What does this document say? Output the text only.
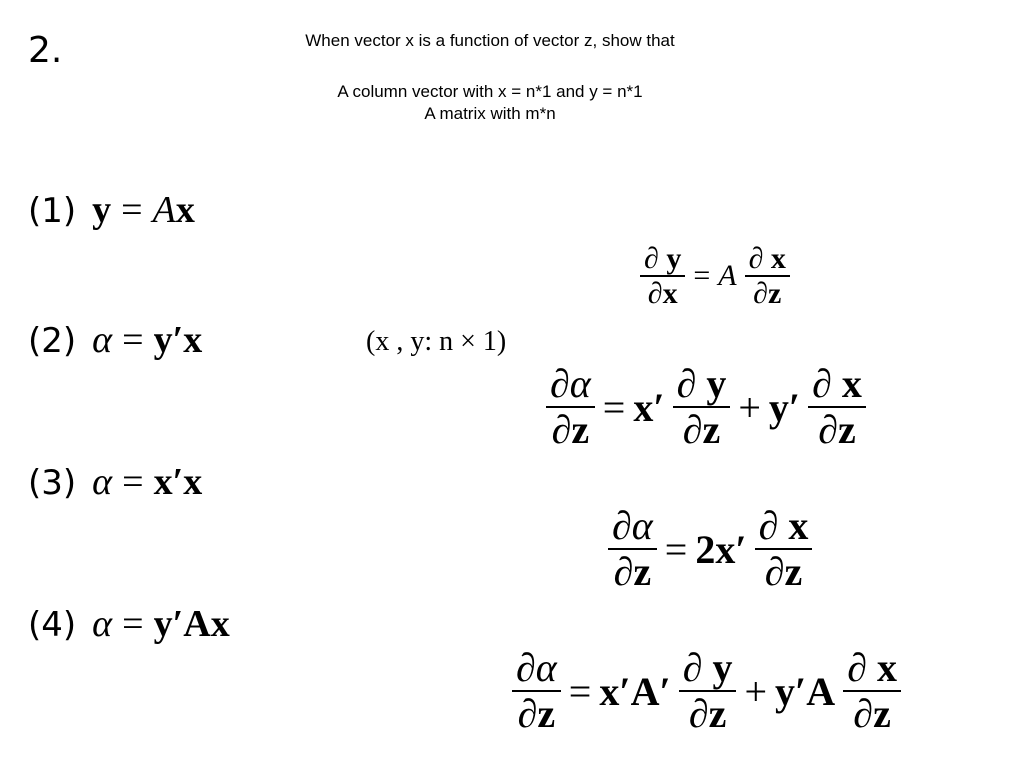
2.	When vector x is a function of vector z, show that
A column vector with x = n*1 and y = n*1
A matrix with m*n
(1) y = Ax
(2) α = y′x
(3) α = x′x
(4) α = y′Ax
(x , y: n × 1)
$\frac{\partial y}{\partial x} = A \frac{\partial x}{\partial z}$
$\frac{\partial\alpha}{\partial z} = x' \frac{\partial y}{\partial z} + y' \frac{\partial x}{\partial z}$
$\frac{\partial\alpha}{\partial z} = 2x' \frac{\partial x}{\partial z}$
$\frac{\partial\alpha}{\partial z} = x'A' \frac{\partial y}{\partial z} + y'A \frac{\partial x}{\partial z}$
